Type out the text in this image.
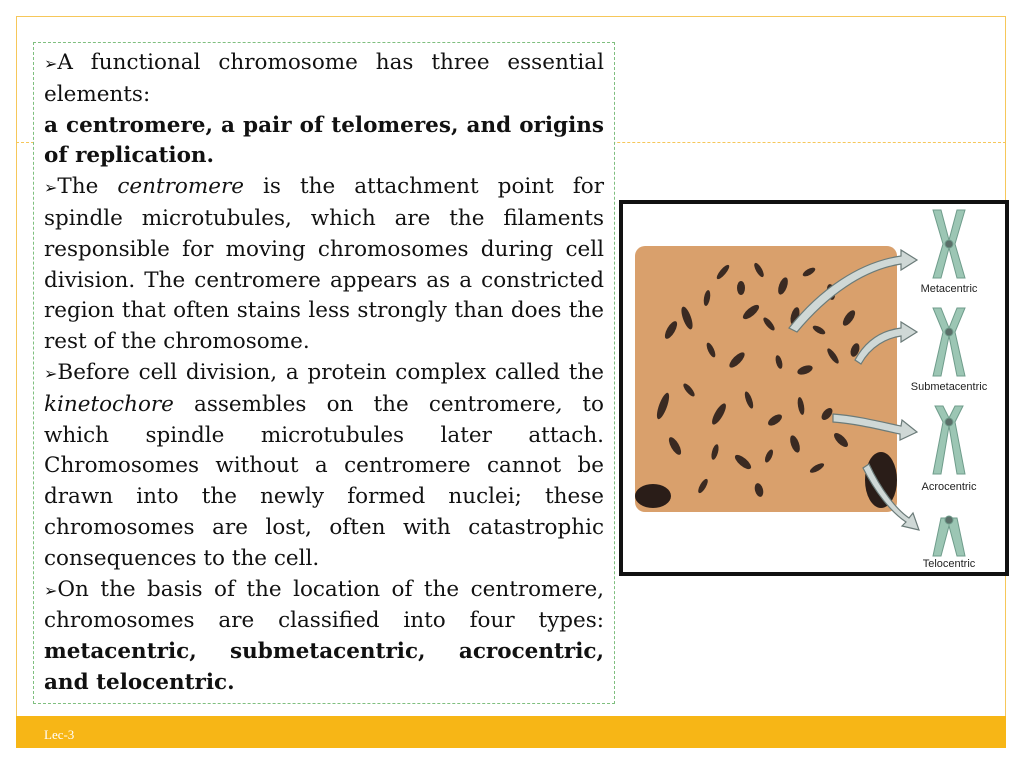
➢A functional chromosome has three essential elements:
a centromere, a pair of telomeres, and origins of replication.

➢The centromere is the attachment point for spindle microtubules, which are the filaments responsible for moving chromosomes during cell division. The centromere appears as a constricted region that often stains less strongly than does the rest of the chromosome.

➢Before cell division, a protein complex called the kinetochore assembles on the centromere, to which spindle microtubules later attach. Chromosomes without a centromere cannot be drawn into the newly formed nuclei; these chromosomes are lost, often with catastrophic consequences to the cell.

➢On the basis of the location of the centromere, chromosomes are classified into four types: metacentric, submetacentric, acrocentric, and telocentric.

Metacentric
Submetacentric
Acrocentric
Telocentric
Lec-3
